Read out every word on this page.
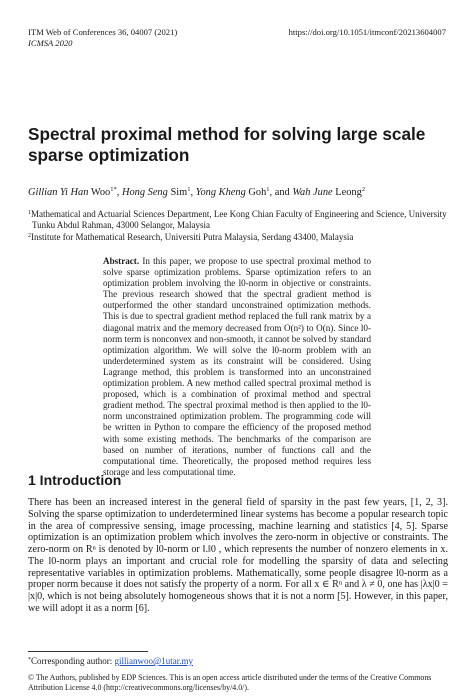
ITM Web of Conferences 36, 04007 (2021)
ICMSA 2020
https://doi.org/10.1051/itmconf/20213604007
Spectral proximal method for solving large scale sparse optimization
Gillian Yi Han Woo$^{1*}$, Hong Seng Sim$^1$, Yong Kheng Goh$^1$, and Wah June Leong$^2$

$^1$Mathematical and Actuarial Sciences Department, Lee Kong Chian Faculty of Engineering and Science, University Tunku Abdul Rahman, 43000 Selangor, Malaysia

$^2$Institute for Mathematical Research, Universiti Putra Malaysia, Serdang 43400, Malaysia

Abstract. In this paper, we propose to use spectral proximal method to solve sparse optimization problems. Sparse optimization refers to an optimization problem involving the l0-norm in objective or constraints. The previous research showed that the spectral gradient method is outperformed the other standard unconstrained optimization methods. This is due to spectral gradient method replaced the full rank matrix by a diagonal matrix and the memory decreased from O(n²) to O(n). Since l0-norm term is nonconvex and non-smooth, it cannot be solved by standard optimization algorithm. We will solve the l0-norm problem with an underdetermined system as its constraint will be considered. Using Lagrange method, this problem is transformed into an unconstrained optimization problem. A new method called spectral proximal method is proposed, which is a combination of proximal method and spectral gradient method. The spectral proximal method is then applied to the l0-norm unconstrained optimization problem. The programming code will be written in Python to compare the efficiency of the proposed method with some existing methods. The benchmarks of the comparison are based on number of iterations, number of functions call and the computational time. Theoretically, the proposed method requires less storage and less computational time.

1 Introduction

There has been an increased interest in the general field of sparsity in the past few years, [1, 2, 3]. Solving the sparse optimization to underdetermined linear systems has become a popular research topic in the area of compressive sensing, image processing, machine learning and statistics [4, 5]. Sparse optimization is an optimization problem which involves the zero-norm in objective or constraints. The zero-norm on Rⁿ is denoted by l0-norm or ‖.‖0 , which represents the number of nonzero elements in x. The l0-norm plays an important and crucial role for modelling the sparsity of data and selecting representative variables in optimization problems. Mathematically, some people disagree l0-norm as a proper norm because it does not satisfy the property of a norm. For all x ∈ Rⁿ and λ ≠ 0, one has |λx|0 = |x|0, which is not being absolutely homogeneous shows that it is not a norm [5]. However, in this paper, we will adopt it as a norm [6].

*Corresponding author: gillianwoo@1utar.my
© The Authors, published by EDP Sciences. This is an open access article distributed under the terms of the Creative Commons Attribution License 4.0 (http://creativecommons.org/licenses/by/4.0/).
